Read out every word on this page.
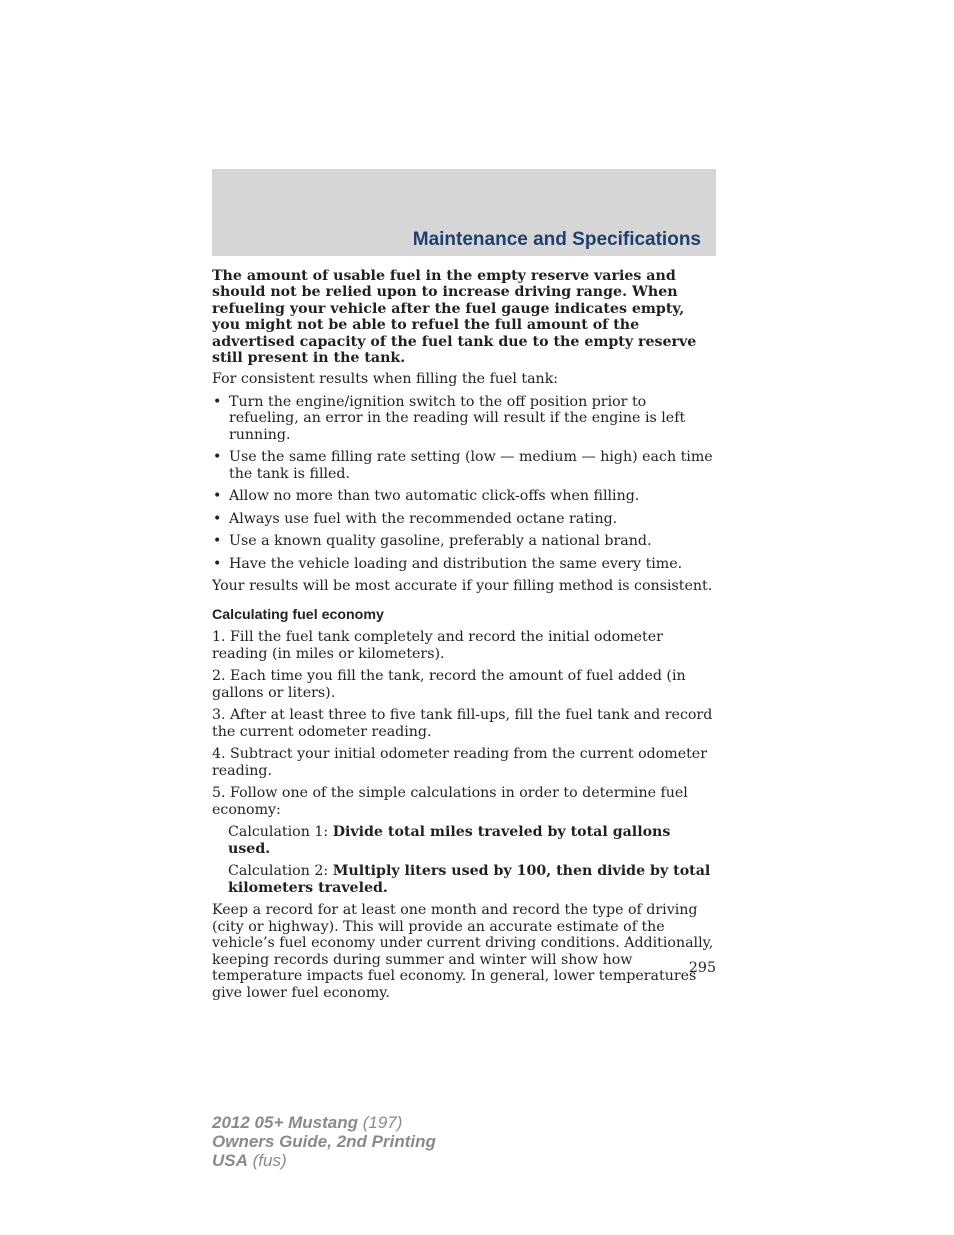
Maintenance and Specifications

The amount of usable fuel in the empty reserve varies and should not be relied upon to increase driving range. When refueling your vehicle after the fuel gauge indicates empty, you might not be able to refuel the full amount of the advertised capacity of the fuel tank due to the empty reserve still present in the tank.

For consistent results when filling the fuel tank:

• Turn the engine/ignition switch to the off position prior to refueling, an error in the reading will result if the engine is left running.
• Use the same filling rate setting (low — medium — high) each time the tank is filled.
• Allow no more than two automatic click-offs when filling.
• Always use fuel with the recommended octane rating.
• Use a known quality gasoline, preferably a national brand.
• Have the vehicle loading and distribution the same every time.

Your results will be most accurate if your filling method is consistent.

Calculating fuel economy

1. Fill the fuel tank completely and record the initial odometer reading (in miles or kilometers).

2. Each time you fill the tank, record the amount of fuel added (in gallons or liters).

3. After at least three to five tank fill-ups, fill the fuel tank and record the current odometer reading.

4. Subtract your initial odometer reading from the current odometer reading.

5. Follow one of the simple calculations in order to determine fuel economy:

Calculation 1: Divide total miles traveled by total gallons used.

Calculation 2: Multiply liters used by 100, then divide by total kilometers traveled.

Keep a record for at least one month and record the type of driving (city or highway). This will provide an accurate estimate of the vehicle’s fuel economy under current driving conditions. Additionally, keeping records during summer and winter will show how temperature impacts fuel economy. In general, lower temperatures give lower fuel economy.

295
2012 05+ Mustang (197)
Owners Guide, 2nd Printing
USA (fus)
